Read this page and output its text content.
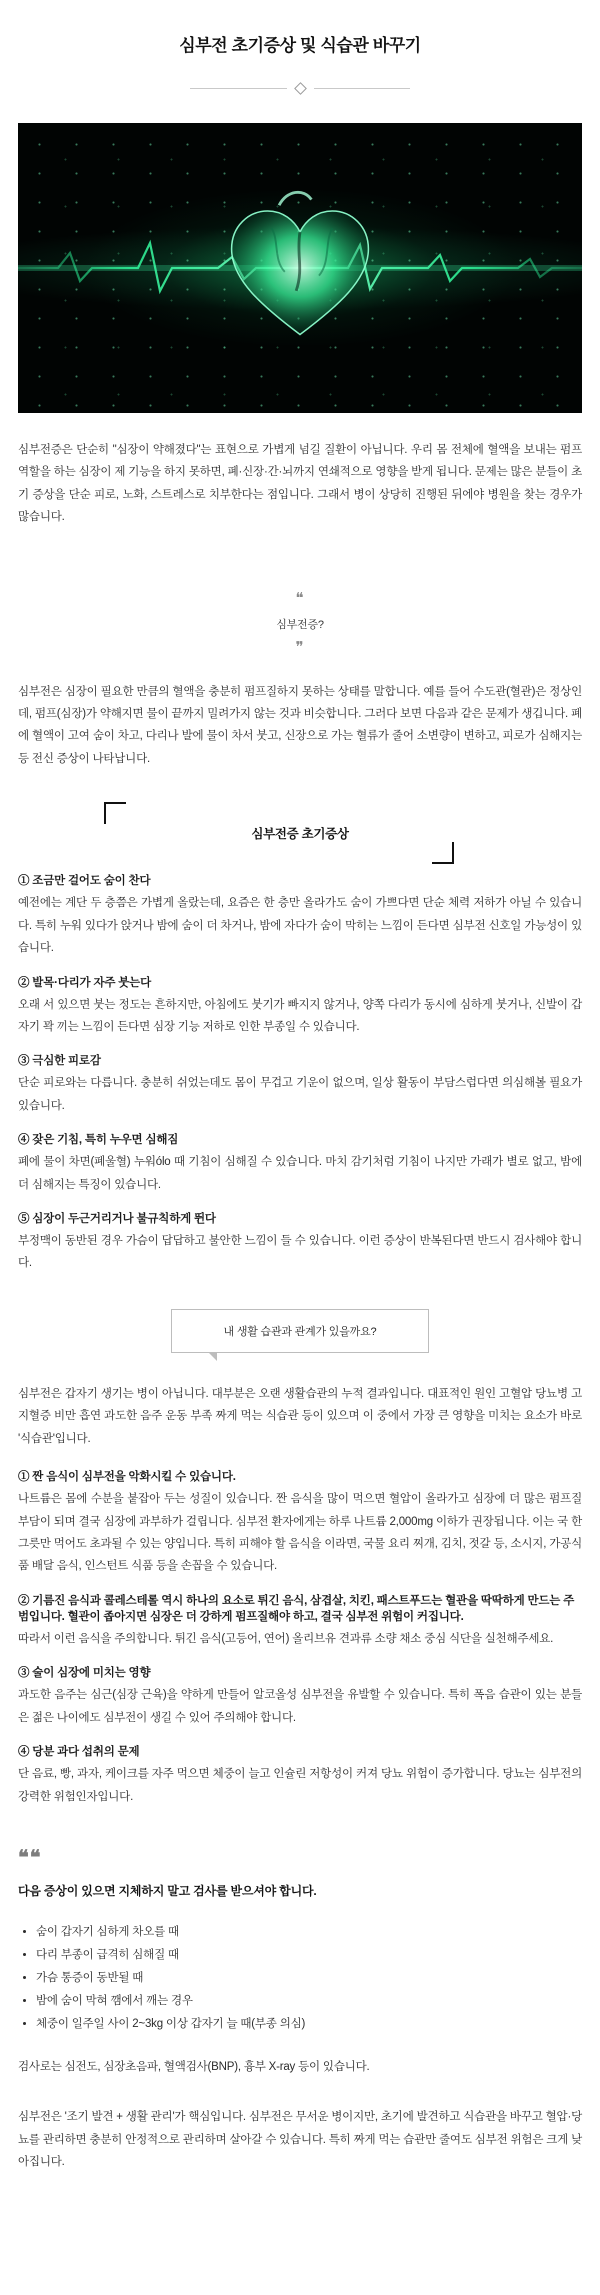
심부전 초기증상 및 식습관 바꾸기

심부전증은 단순히 "심장이 약해졌다"는 표현으로 가볍게 넘길 질환이 아닙니다. 우리 몸 전체에 혈액을 보내는 펌프 역할을 하는 심장이 제 기능을 하지 못하면, 폐·신장·간·뇌까지 연쇄적으로 영향을 받게 됩니다. 문제는 많은 분들이 초기 증상을 단순 피로, 노화, 스트레스로 치부한다는 점입니다. 그래서 병이 상당히 진행된 뒤에야 병원을 찾는 경우가 많습니다.

❝
심부전증?
❞

심부전은 심장이 필요한 만큼의 혈액을 충분히 펌프질하지 못하는 상태를 말합니다. 예를 들어 수도관(혈관)은 정상인데, 펌프(심장)가 약해지면 물이 끝까지 밀려가지 않는 것과 비슷합니다. 그러다 보면 다음과 같은 문제가 생깁니다. 폐에 혈액이 고여 숨이 차고, 다리나 발에 물이 차서 붓고, 신장으로 가는 혈류가 줄어 소변량이 변하고, 피로가 심해지는 등 전신 증상이 나타납니다.

심부전증 초기증상
① 조금만 걸어도 숨이 찬다

예전에는 계단 두 층쯤은 가볍게 올랐는데, 요즘은 한 층만 올라가도 숨이 가쁘다면 단순 체력 저하가 아닐 수 있습니다. 특히 누워 있다가 앉거나 밤에 숨이 더 차거나, 밤에 자다가 숨이 막히는 느낌이 든다면 심부전 신호일 가능성이 있습니다.

② 발목·다리가 자주 붓는다

오래 서 있으면 붓는 정도는 흔하지만, 아침에도 붓기가 빠지지 않거나, 양쪽 다리가 동시에 심하게 붓거나, 신발이 갑자기 꽉 끼는 느낌이 든다면 심장 기능 저하로 인한 부종일 수 있습니다.

③ 극심한 피로감

단순 피로와는 다릅니다. 충분히 쉬었는데도 몸이 무겁고 기운이 없으며, 일상 활동이 부담스럽다면 의심해볼 필요가 있습니다.

④ 잦은 기침, 특히 누우면 심해짐

폐에 물이 차면(폐울혈) 누워ólo 때 기침이 심해질 수 있습니다. 마치 감기처럼 기침이 나지만 가래가 별로 없고, 밤에 더 심해지는 특징이 있습니다.

⑤ 심장이 두근거리거나 불규칙하게 뛴다

부정맥이 동반된 경우 가슴이 답답하고 불안한 느낌이 들 수 있습니다. 이런 증상이 반복된다면 반드시 검사해야 합니다.

내 생활 습관과 관계가 있을까요?

심부전은 갑자기 생기는 병이 아닙니다. 대부분은 오랜 생활습관의 누적 결과입니다. 대표적인 원인 고혈압 당뇨병 고지혈증 비만 흡연 과도한 음주 운동 부족 짜게 먹는 식습관 등이 있으며 이 중에서 가장 큰 영향을 미치는 요소가 바로 '식습관'입니다.

① 짠 음식이 심부전을 악화시킬 수 있습니다.

나트륨은 몸에 수분을 붙잡아 두는 성질이 있습니다. 짠 음식을 많이 먹으면 혈압이 올라가고 심장에 더 많은 펌프질 부담이 되며 결국 심장에 과부하가 걸립니다. 심부전 환자에게는 하루 나트륨 2,000mg 이하가 권장됩니다. 이는 국 한 그릇만 먹어도 초과될 수 있는 양입니다. 특히 피해야 할 음식을 이라면, 국물 요리 찌개, 김치, 젓갈 등, 소시지, 가공식품 배달 음식, 인스턴트 식품 등을 손꼽을 수 있습니다.

② 기름진 음식과 콜레스테롤 역시 하나의 요소로 튀긴 음식, 삼겹살, 치킨, 패스트푸드는 혈관을 딱딱하게 만드는 주범입니다. 혈관이 좁아지면 심장은 더 강하게 펌프질해야 하고, 결국 심부전 위험이 커집니다.

따라서 이런 음식을 주의합니다. 튀긴 음식(고등어, 연어) 올리브유 견과류 소량 채소 중심 식단을 실천해주세요.

③ 술이 심장에 미치는 영향

과도한 음주는 심근(심장 근육)을 약하게 만들어 알코올성 심부전을 유발할 수 있습니다. 특히 폭음 습관이 있는 분들은 젊은 나이에도 심부전이 생길 수 있어 주의해야 합니다.

④ 당분 과다 섭취의 문제

단 음료, 빵, 과자, 케이크를 자주 먹으면 체중이 늘고 인슐린 저항성이 커져 당뇨 위험이 증가합니다. 당뇨는 심부전의 강력한 위험인자입니다.

❝❝

다음 증상이 있으면 지체하지 말고 검사를 받으셔야 합니다.

• 숨이 갑자기 심하게 차오를 때
• 다리 부종이 급격히 심해질 때
• 가슴 통증이 동반될 때
• 밤에 숨이 막혀 깸에서 깨는 경우
• 체중이 일주일 사이 2~3kg 이상 갑자기 늘 때(부종 의심)

검사로는 심전도, 심장초음파, 혈액검사(BNP), 흉부 X-ray 등이 있습니다.

심부전은 '조기 발견 + 생활 관리'가 핵심입니다. 심부전은 무서운 병이지만, 초기에 발견하고 식습관을 바꾸고 혈압·당뇨를 관리하면 충분히 안정적으로 관리하며 살아갈 수 있습니다. 특히 짜게 먹는 습관만 줄여도 심부전 위험은 크게 낮아집니다.
